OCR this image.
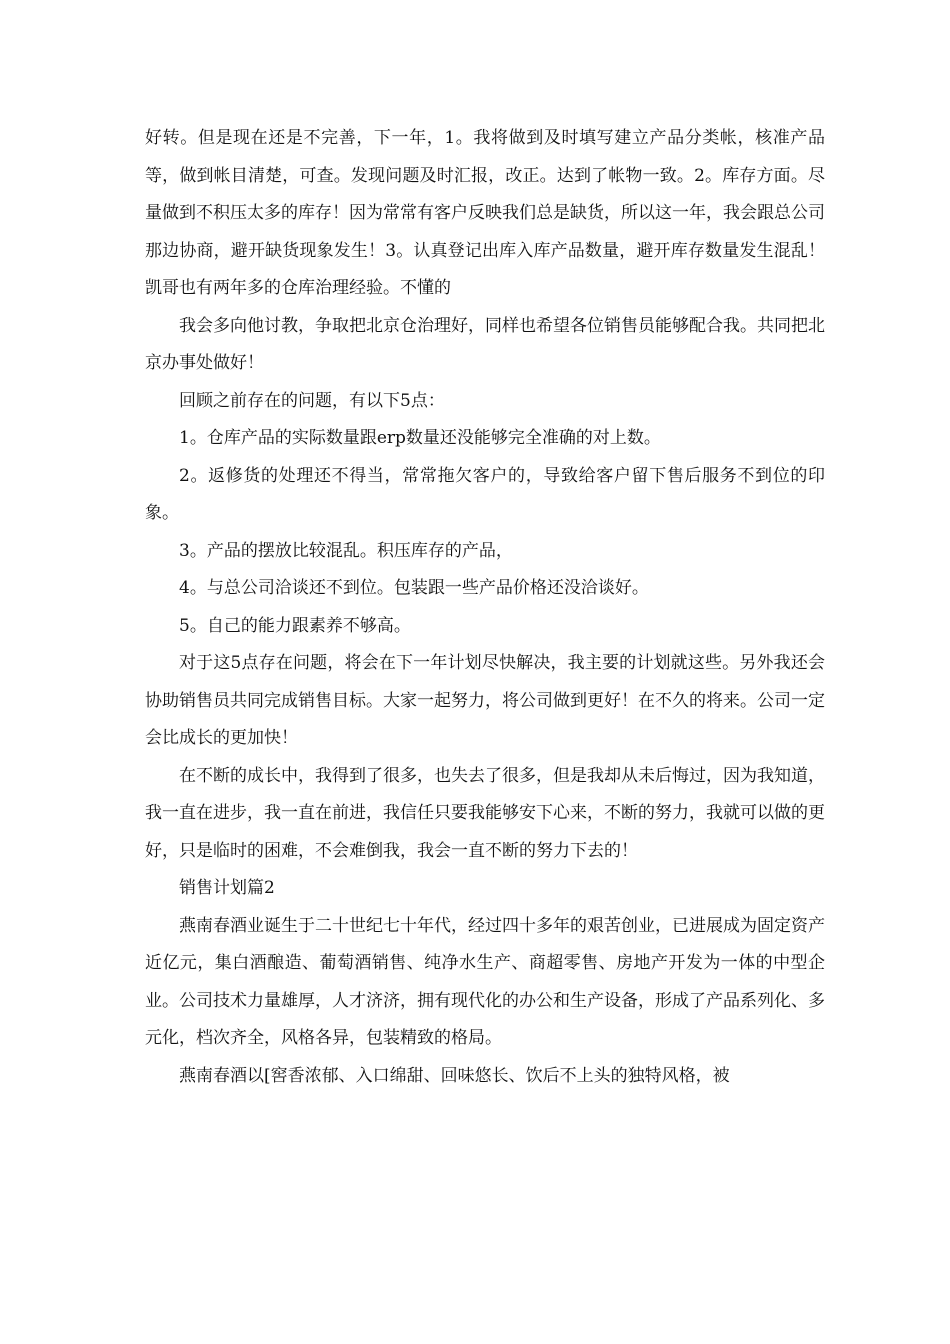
好转。但是现在还是不完善，下一年，1。我将做到及时填写建立产品分类帐，核准产品等，做到帐目清楚，可查。发现问题及时汇报，改正。达到了帐物一致。2。库存方面。尽量做到不积压太多的库存！因为常常有客户反映我们总是缺货，所以这一年，我会跟总公司那边协商，避开缺货现象发生！3。认真登记出库入库产品数量，避开库存数量发生混乱！凯哥也有两年多的仓库治理经验。不懂的

我会多向他讨教，争取把北京仓治理好，同样也希望各位销售员能够配合我。共同把北京办事处做好！

回顾之前存在的问题，有以下5点：

1。仓库产品的实际数量跟erp数量还没能够完全准确的对上数。

2。返修货的处理还不得当，常常拖欠客户的，导致给客户留下售后服务不到位的印象。

3。产品的摆放比较混乱。积压库存的产品，

4。与总公司洽谈还不到位。包装跟一些产品价格还没洽谈好。

5。自己的能力跟素养不够高。

对于这5点存在问题，将会在下一年计划尽快解决，我主要的计划就这些。另外我还会协助销售员共同完成销售目标。大家一起努力，将公司做到更好！在不久的将来。公司一定会比成长的更加快！

在不断的成长中，我得到了很多，也失去了很多，但是我却从未后悔过，因为我知道，我一直在进步，我一直在前进，我信任只要我能够安下心来，不断的努力，我就可以做的更好，只是临时的困难，不会难倒我，我会一直不断的努力下去的！

销售计划篇2

燕南春酒业诞生于二十世纪七十年代，经过四十多年的艰苦创业，已进展成为固定资产近亿元，集白酒酿造、葡萄酒销售、纯净水生产、商超零售、房地产开发为一体的中型企业。公司技术力量雄厚，人才济济，拥有现代化的办公和生产设备，形成了产品系列化、多元化，档次齐全，风格各异，包装精致的格局。

燕南春酒以[窖香浓郁、入口绵甜、回味悠长、饮后不上头的独特风格，被
